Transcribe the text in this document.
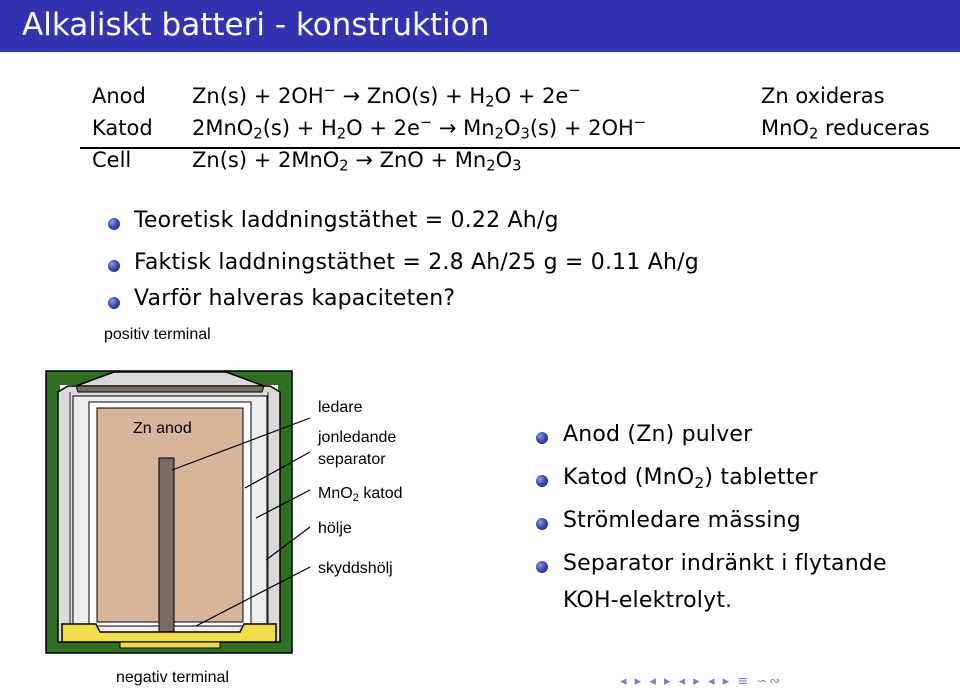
Alkaliskt batteri - konstruktion
Anod $Zn(s) + 2OH^- \to ZnO(s) + H_2O + 2e^-$	Zn oxideras
Katod $2MnO_2(s) + H_2O + 2e^- \to Mn_2O_3(s) + 2OH^-$	MnO$_2$ reduceras
Cell	Zn(s) + 2MnO$_2$ → ZnO + $Mn_2O_3$
Teoretisk laddningstäthet = 0.22 Ah/g
Faktisk laddningstäthet = 2.8 Ah/25 g = 0.11 Ah/g
Varför halveras kapaciteten?
positiv terminal
negativ terminal
Zn anod
ledare
jonledande
separator
MnO$_2$ katod
hölje
skyddshölj
Anod (Zn) pulver
Katod (MnO$_2$) tabletter
Strömledare mässing
Separator indränkt i flytande
KOH-elektrolyt.
◂ ▸ ◂ ▸ ◂ ▸ ◂ ▸ ≡ ∽∾
